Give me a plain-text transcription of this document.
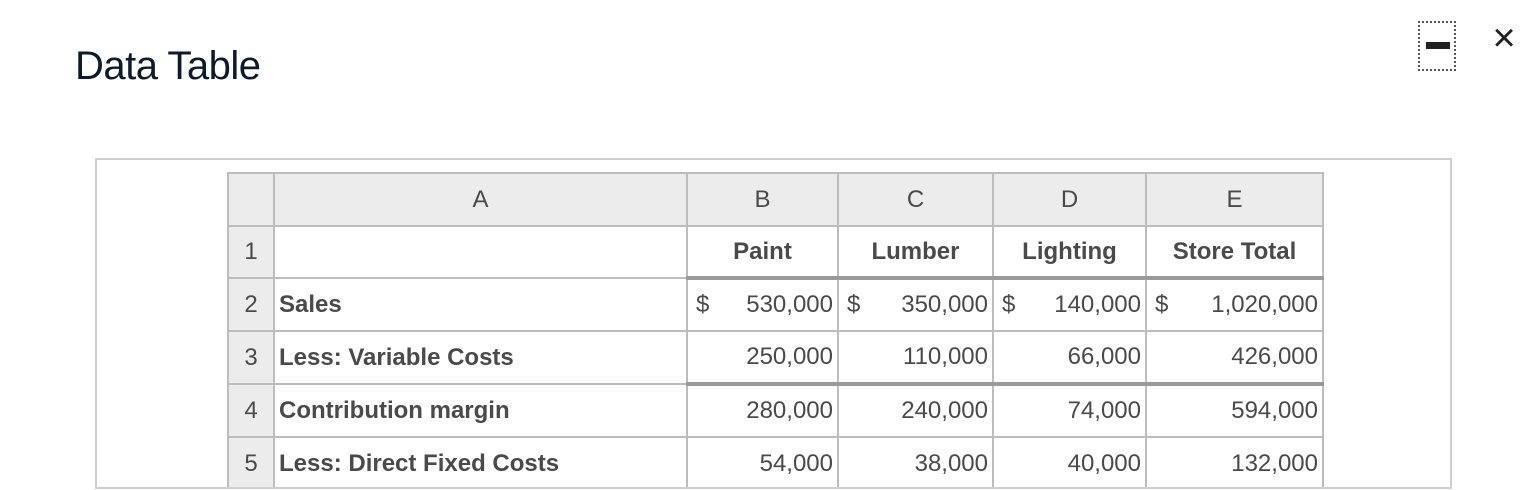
Data Table
×
	A	B	C	D	E
1		Paint	Lumber	Lighting	Store Total
2	Sales	$ 530,000	$ 350,000	$ 140,000	$ 1,020,000
3	Less: Variable Costs	250,000	110,000	66,000	426,000
4	Contribution margin	280,000	240,000	74,000	594,000
5	Less: Direct Fixed Costs	54,000	38,000	40,000	132,000
